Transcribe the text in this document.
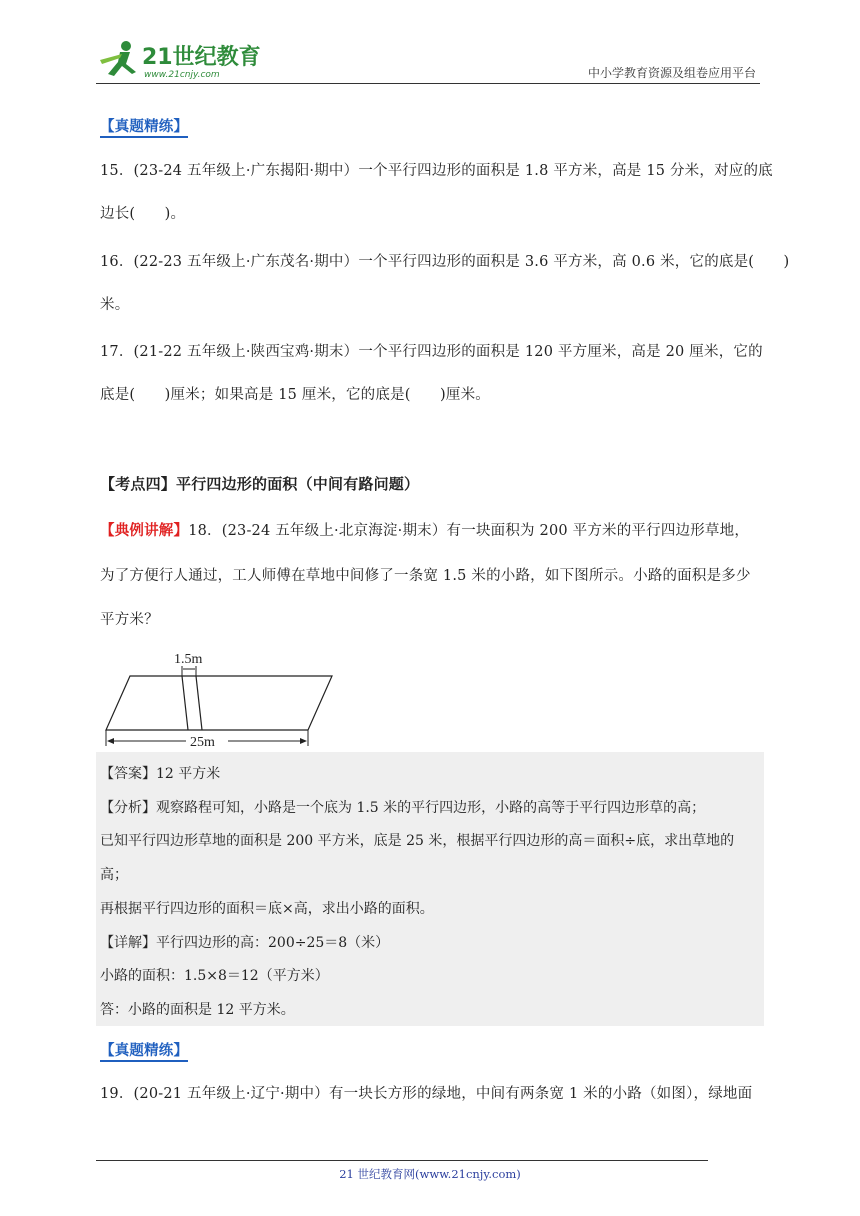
21世纪教育
www.21cnjy.com	中小学教育资源及组卷应用平台
【真题精练】
15．(23-24 五年级上·广东揭阳·期中）一个平行四边形的面积是 1.8 平方米，高是 15 分米，对应的底
边长(　　)。
16．(22-23 五年级上·广东茂名·期中）一个平行四边形的面积是 3.6 平方米，高 0.6 米，它的底是(　　)
米。
17．(21-22 五年级上·陕西宝鸡·期末）一个平行四边形的面积是 120 平方厘米，高是 20 厘米，它的
底是(　　)厘米；如果高是 15 厘米，它的底是(　　)厘米。
【考点四】平行四边形的面积（中间有路问题）
【典例讲解】18．(23-24 五年级上·北京海淀·期末）有一块面积为 200 平方米的平行四边形草地，
为了方便行人通过，工人师傅在草地中间修了一条宽 1.5 米的小路，如下图所示。小路的面积是多少
平方米？
1.5m
25m
【答案】12 平方米
【分析】观察路程可知，小路是一个底为 1.5 米的平行四边形，小路的高等于平行四边形草的高；
已知平行四边形草地的面积是 200 平方米，底是 25 米，根据平行四边形的高＝面积÷底，求出草地的
高；
再根据平行四边形的面积＝底×高，求出小路的面积。
【详解】平行四边形的高：200÷25＝8（米）
小路的面积：1.5×8＝12（平方米）
答：小路的面积是 12 平方米。
【真题精练】
19．(20-21 五年级上·辽宁·期中）有一块长方形的绿地，中间有两条宽 1 米的小路（如图），绿地面
21 世纪教育网(www.21cnjy.com)
